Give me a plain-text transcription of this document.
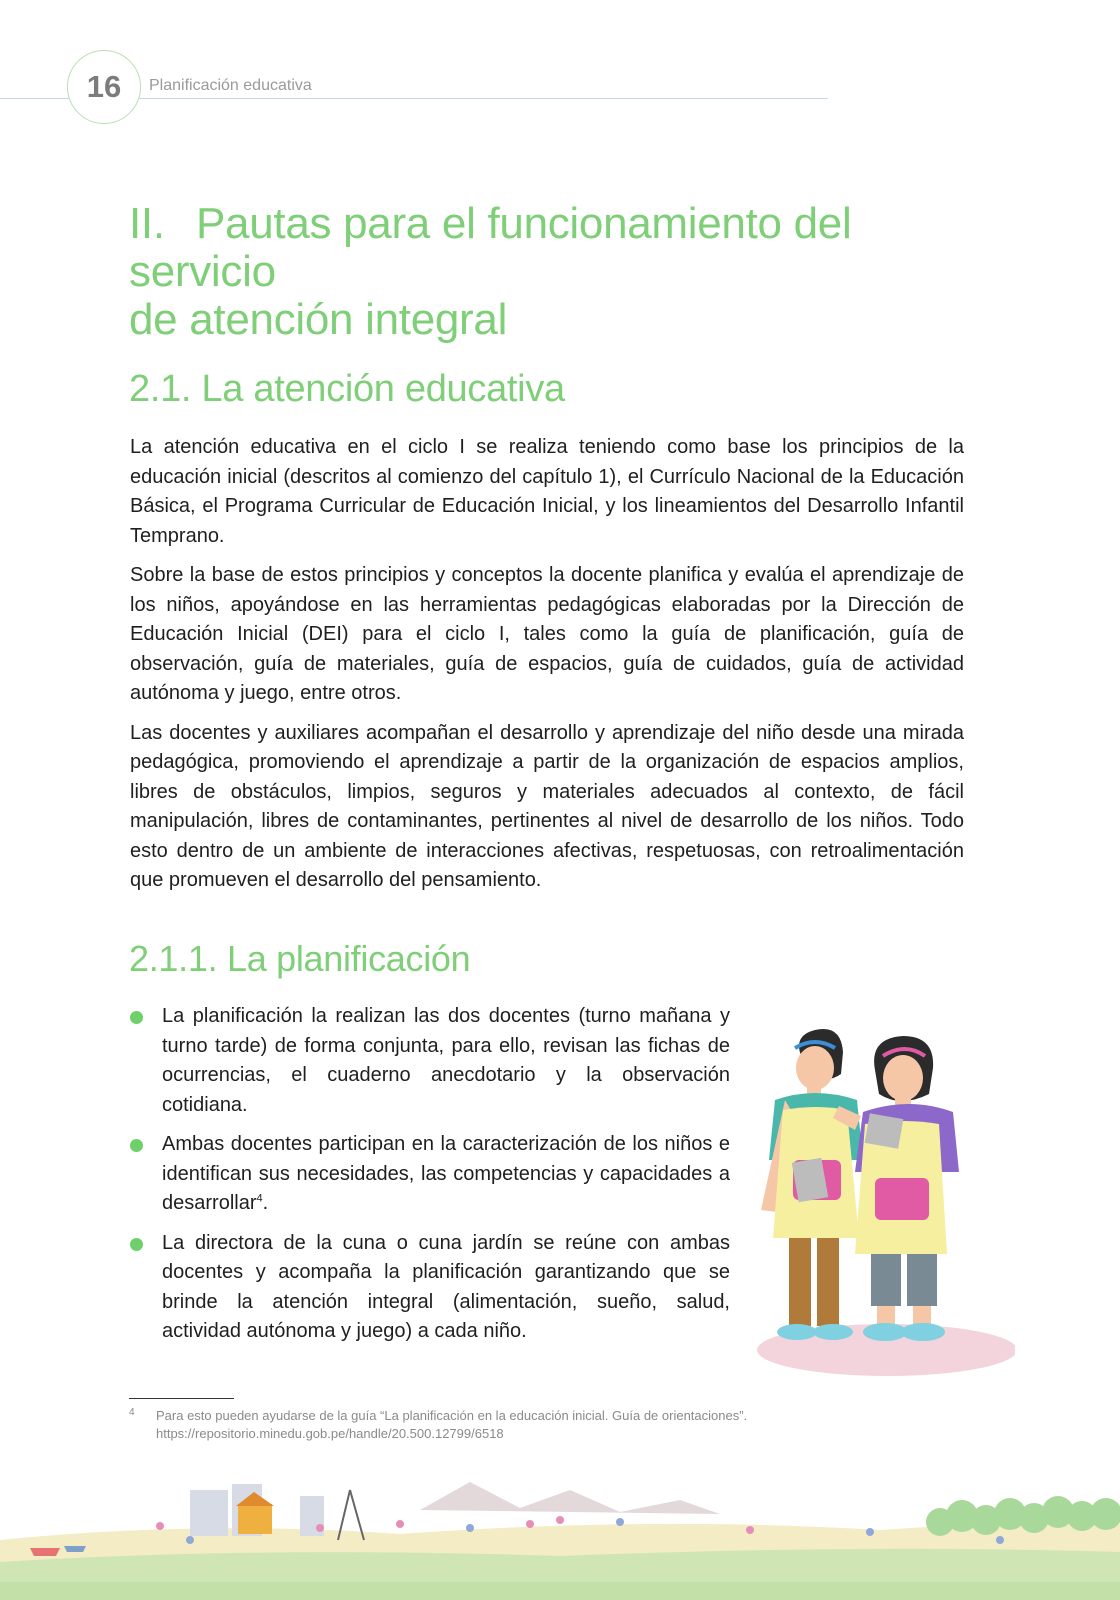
16	Planificación educativa
II. Pautas para el funcionamiento del servicio
de atención integral
2.1. La atención educativa

La atención educativa en el ciclo I se realiza teniendo como base los principios de la educación inicial (descritos al comienzo del capítulo 1), el Currículo Nacional de la Educación Básica, el Programa Curricular de Educación Inicial, y los lineamientos del Desarrollo Infantil Temprano.

Sobre la base de estos principios y conceptos la docente planifica y evalúa el aprendizaje de los niños, apoyándose en las herramientas pedagógicas elaboradas por la Dirección de Educación Inicial (DEI) para el ciclo I, tales como la guía de planificación, guía de observación, guía de materiales, guía de espacios, guía de cuidados, guía de actividad autónoma y juego, entre otros.

Las docentes y auxiliares acompañan el desarrollo y aprendizaje del niño desde una mirada pedagógica, promoviendo el aprendizaje a partir de la organización de espacios amplios, libres de obstáculos, limpios, seguros y materiales adecuados al contexto, de fácil manipulación, libres de contaminantes, pertinentes al nivel de desarrollo de los niños. Todo esto dentro de un ambiente de interacciones afectivas, respetuosas, con retroalimentación que promueven el desarrollo del pensamiento.

2.1.1. La planificación
La planificación la realizan las dos docentes (turno mañana y turno tarde) de forma conjunta, para ello, revisan las fichas de ocurrencias, el cuaderno anecdotario y la observación cotidiana.
Ambas docentes participan en la caracterización de los niños e identifican sus necesidades, las competencias y capacidades a desarrollar$^4$.
La directora de la cuna o cuna jardín se reúne con ambas docentes y acompaña la planificación garantizando que se brinde la atención integral (alimentación, sueño, salud, actividad autónoma y juego) a cada niño.
4 Para esto pueden ayudarse de la guía “La planificación en la educación inicial. Guía de orientaciones”.
https://repositorio.minedu.gob.pe/handle/20.500.12799/6518
